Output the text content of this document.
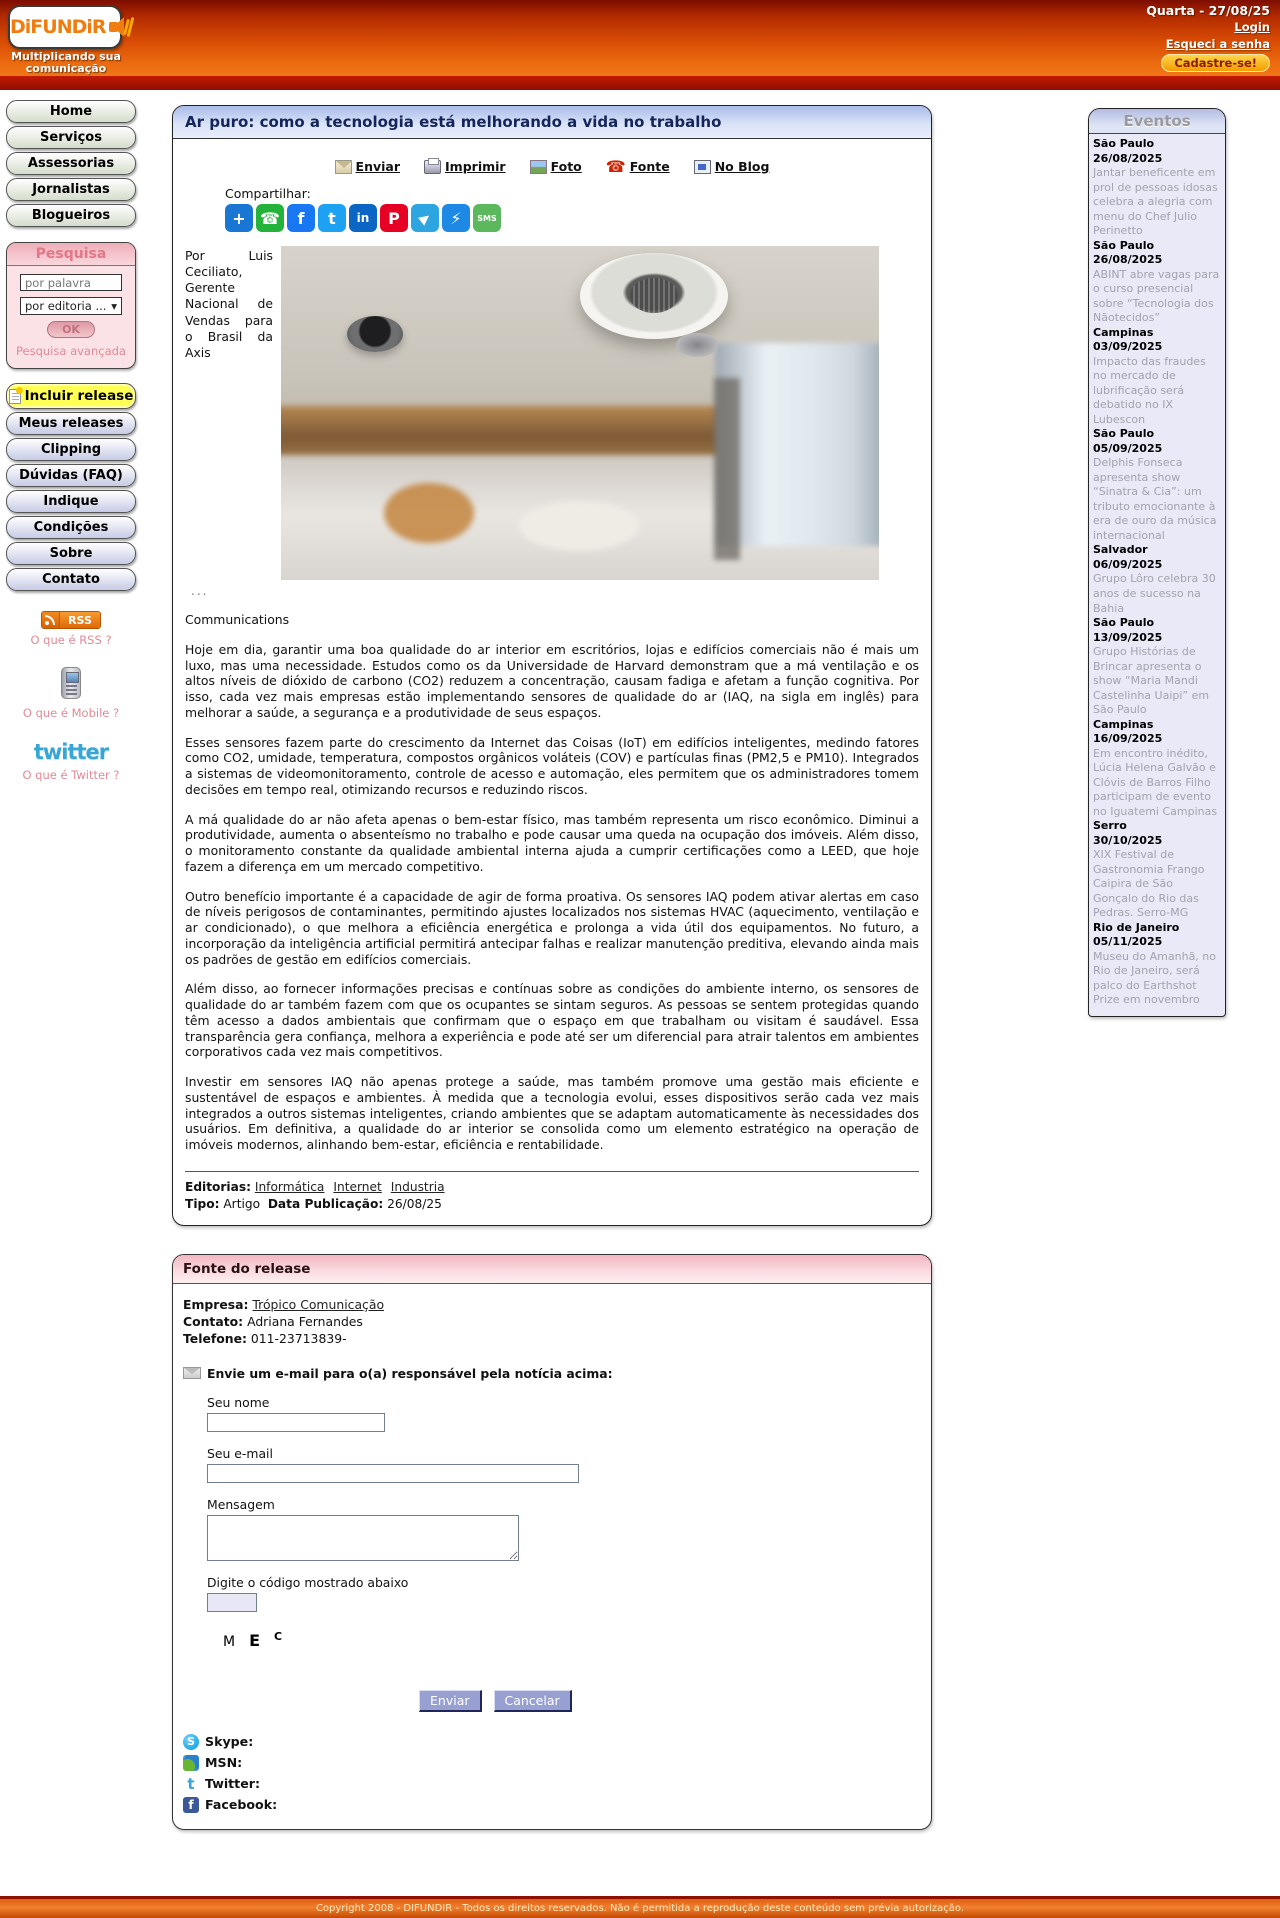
DiFUNDiR
Multiplicando sua
comunicação
Quarta - 27/08/25
Login
Esqueci a senha
Cadastre-se!
Home
Serviços
Assessorias
Jornalistas
Blogueiros
Pesquisa
por palavra
por editoria ... ▾
OK
Pesquisa avançada
Incluir release
Meus releases
Clipping
Dúvidas (FAQ)
Indique
Condições
Sobre
Contato
RSS
O que é RSS ?
O que é Mobile ?
twitter
O que é Twitter ?
Ar puro: como a tecnologia está melhorando a vida no trabalho
Enviar	Imprimir	Foto ☎	Fonte	No Blog
Compartilhar:
+ ☎ f t in P ▶ ⚡ SMS
Por Luis Ceciliato, Gerente Nacional de Vendas para o Brasil da Axis
...
Communications

Hoje em dia, garantir uma boa qualidade do ar interior em escritórios, lojas e edifícios comerciais não é mais um luxo, mas uma necessidade. Estudos como os da Universidade de Harvard demonstram que a má ventilação e os altos níveis de dióxido de carbono (CO2) reduzem a concentração, causam fadiga e afetam a função cognitiva. Por isso, cada vez mais empresas estão implementando sensores de qualidade do ar (IAQ, na sigla em inglês) para melhorar a saúde, a segurança e a produtividade de seus espaços.

Esses sensores fazem parte do crescimento da Internet das Coisas (IoT) em edifícios inteligentes, medindo fatores como CO2, umidade, temperatura, compostos orgânicos voláteis (COV) e partículas finas (PM2,5 e PM10). Integrados a sistemas de videomonitoramento, controle de acesso e automação, eles permitem que os administradores tomem decisões em tempo real, otimizando recursos e reduzindo riscos.

A má qualidade do ar não afeta apenas o bem-estar físico, mas também representa um risco econômico. Diminui a produtividade, aumenta o absenteísmo no trabalho e pode causar uma queda na ocupação dos imóveis. Além disso, o monitoramento constante da qualidade ambiental interna ajuda a cumprir certificações como a LEED, que hoje fazem a diferença em um mercado competitivo.

Outro benefício importante é a capacidade de agir de forma proativa. Os sensores IAQ podem ativar alertas em caso de níveis perigosos de contaminantes, permitindo ajustes localizados nos sistemas HVAC (aquecimento, ventilação e ar condicionado), o que melhora a eficiência energética e prolonga a vida útil dos equipamentos. No futuro, a incorporação da inteligência artificial permitirá antecipar falhas e realizar manutenção preditiva, elevando ainda mais os padrões de gestão em edifícios comerciais.

Além disso, ao fornecer informações precisas e contínuas sobre as condições do ambiente interno, os sensores de qualidade do ar também fazem com que os ocupantes se sintam seguros. As pessoas se sentem protegidas quando têm acesso a dados ambientais que confirmam que o espaço em que trabalham ou visitam é saudável. Essa transparência gera confiança, melhora a experiência e pode até ser um diferencial para atrair talentos em ambientes corporativos cada vez mais competitivos.

Investir em sensores IAQ não apenas protege a saúde, mas também promove uma gestão mais eficiente e sustentável de espaços e ambientes. À medida que a tecnologia evolui, esses dispositivos serão cada vez mais integrados a outros sistemas inteligentes, criando ambientes que se adaptam automaticamente às necessidades dos usuários. Em definitiva, a qualidade do ar interior se consolida como um elemento estratégico na operação de imóveis modernos, alinhando bem-estar, eficiência e rentabilidade.

Editorias: Informática Internet Industria
Tipo: Artigo Data Publicação: 26/08/25
Fonte do release
Empresa: Trópico Comunicação
Contato: Adriana Fernandes
Telefone: 011-23713839-
Envie um e-mail para o(a) responsável pela notícia acima:
Seu nome
Seu e-mail
Mensagem
Digite o código mostrado abaixo
M E C
Enviar	Cancelar
S Skype:
MSN:
t Twitter:
f Facebook:
Eventos
São Paulo
26/08/2025
Jantar beneficente em prol de pessoas idosas celebra a alegria com menu do Chef Julio Perinetto
São Paulo
26/08/2025
ABINT abre vagas para o curso presencial sobre “Tecnologia dos Nãotecidos”
Campinas
03/09/2025
Impacto das fraudes no mercado de lubrificação será debatido no IX Lubescon
São Paulo
05/09/2025
Delphis Fonseca apresenta show “Sinatra & Cia”: um tributo emocionante à era de ouro da música internacional
Salvador
06/09/2025
Grupo Lôro celebra 30 anos de sucesso na Bahia
São Paulo
13/09/2025
Grupo Histórias de Brincar apresenta o show “Maria Mandi Castelinha Uaipi” em São Paulo
Campinas
16/09/2025
Em encontro inédito, Lúcia Helena Galvão e Clóvis de Barros Filho participam de evento no Iguatemi Campinas
Serro
30/10/2025
XIX Festival de Gastronomia Frango Caipira de São Gonçalo do Rio das Pedras. Serro-MG
Rio de Janeiro
05/11/2025
Museu do Amanhã, no Rio de Janeiro, será palco do Earthshot Prize em novembro
Copyright 2008 - DIFUNDIR - Todos os direitos reservados. Não é permitida a reprodução deste conteúdo sem prévia autorização.
